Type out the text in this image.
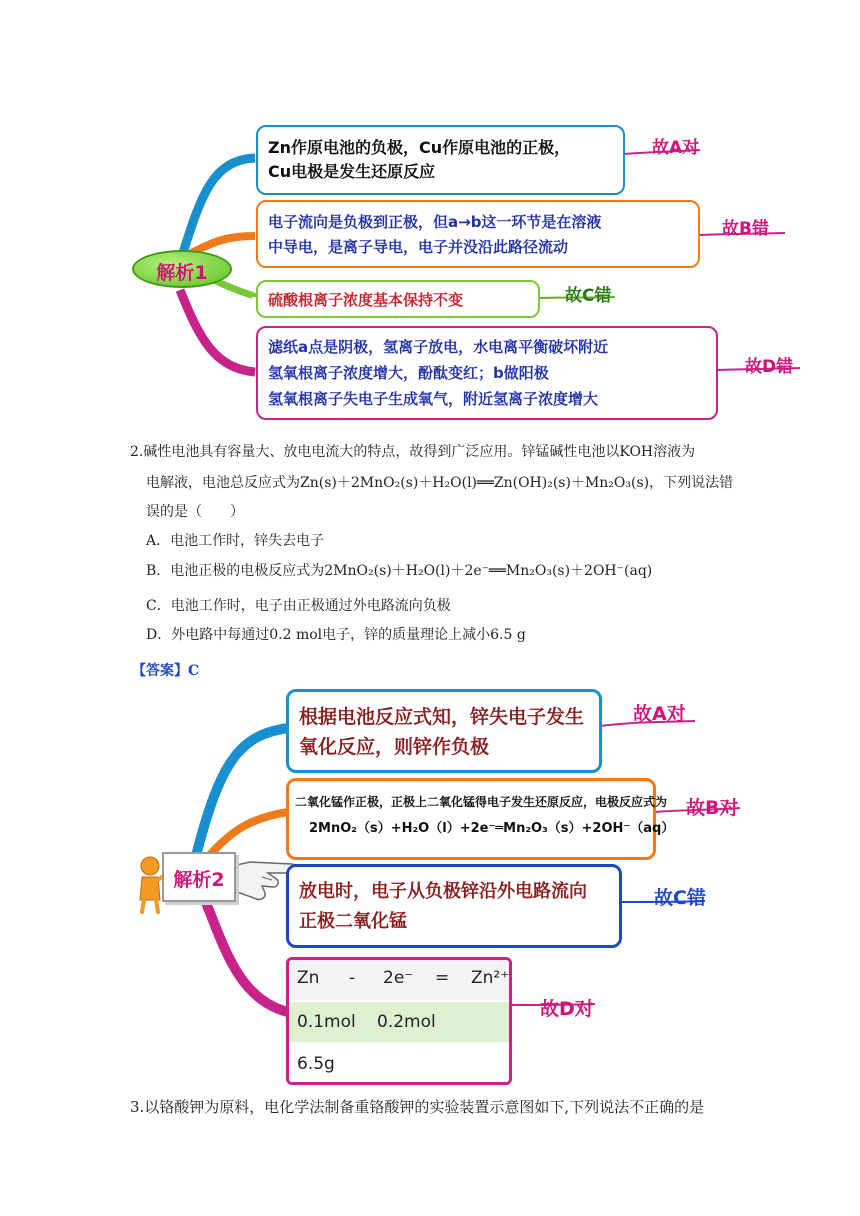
解析1
Zn作原电池的负极，Cu作原电池的正极，
Cu电极是发生还原反应
故A对
电子流向是负极到正极，但a→b这一环节是在溶液
中导电，是离子导电，电子并没沿此路径流动
故B错
硫酸根离子浓度基本保持不变	故C错
滤纸a点是阴极，氢离子放电，水电离平衡破坏附近
氢氧根离子浓度增大，酚酞变红；b做阳极
氢氧根离子失电子生成氧气，附近氢离子浓度增大
故D错
2.碱性电池具有容量大、放电电流大的特点，故得到广泛应用。锌锰碱性电池以KOH溶液为
电解液，电池总反应式为Zn(s)＋2MnO₂(s)＋H₂O(l)══Zn(OH)₂(s)＋Mn₂O₃(s)，下列说法错
误的是（　　）
A．电池工作时，锌失去电子
B．电池正极的电极反应式为2MnO₂(s)＋H₂O(l)＋2e⁻══Mn₂O₃(s)＋2OH⁻(aq)
C．电池工作时，电子由正极通过外电路流向负极
D．外电路中每通过0.2 mol电子，锌的质量理论上减小6.5 g
【答案】C
解析2
根据电池反应式知，锌失电子发生
氧化反应，则锌作负极
故A对
二氧化锰作正极，正极上二氧化锰得电子发生还原反应，电极反应式为
2MnO₂（s）+H₂O（l）+2e⁻═Mn₂O₃（s）+2OH⁻（aq）
故B对
放电时，电子从负极锌沿外电路流向
正极二氧化锰
故C错
Zn - 2e⁻ = Zn²⁺
0.1mol 0.2mol
6.5g
故D对
3.以铬酸钾为原料，电化学法制备重铬酸钾的实验装置示意图如下,下列说法不正确的是
